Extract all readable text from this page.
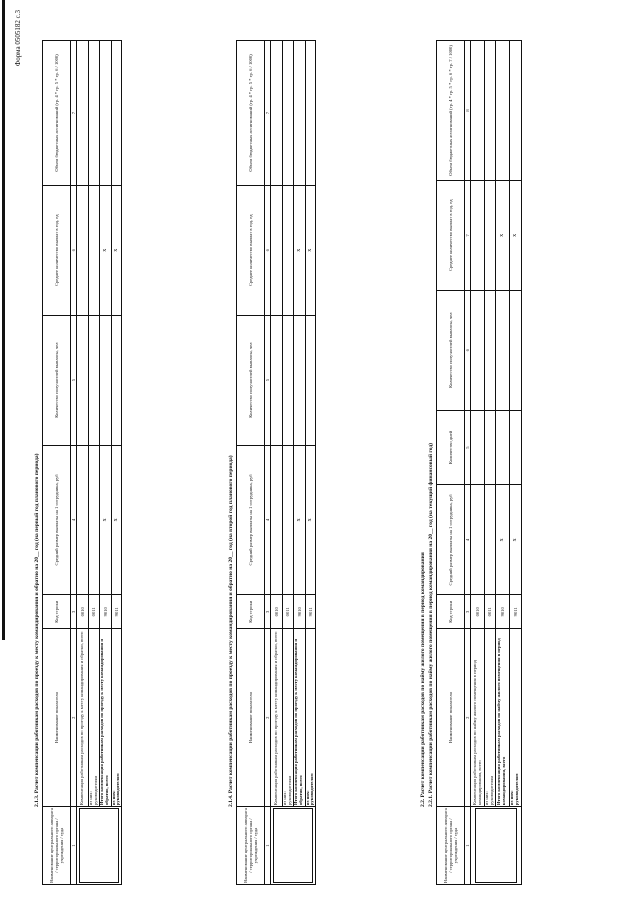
Форма 0505182 с.3
2.1.3. Расчет компенсации работникам расходов по проезду к месту командирования и обратно на 20__ год (на первый год планового периода)
Наименование центрального аппарата / территориального органа / учреждения / суда	Наименование показателя	Код строки	Средний размер выплаты на 1 сотрудника, руб	Количество получателей выплаты, чел	Среднее количество выплат в год, ед	Объем бюджетных ассигнований (гр. 4 * гр. 5 * гр. 6 / 1000)
1	2	3	4	5	6	7

	Компенсация работникам расходов по проезду к месту командирования и обратно, всего	0010				
	из них:
руководителям	0011				
	Итого компенсация работникам расходов по проезду к месту командирования и обратно, всего	9010	x		x	
	из них:
руководителям	9011	x		x	
2.1.4. Расчет компенсации работникам расходов по проезду к месту командирования и обратно на 20__ год (на второй год планового периода)
Наименование центрального аппарата / территориального органа / учреждения / суда	Наименование показателя	Код строки	Средний размер выплаты на 1 сотрудника, руб	Количество получателей выплаты, чел	Среднее количество выплат в год, ед	Объем бюджетных ассигнований (гр. 4 * гр. 5 * гр. 6 / 1000)
1	2	3	4	5	6	7

	Компенсация работникам расходов по проезду к месту командирования и обратно, всего	0010				
	из них:
руководителям	0011				
	Итого компенсация работникам расходов по проезду к месту командирования и обратно, всего	9010	x		x	
	из них:
руководителям	9011	x		x	
2.2. Расчет компенсации работникам расходов по найму жилого помещения в период командирования 2.2.1. Расчет компенсации работникам расходов по найму жилого помещения в период командирования на 20__ год (на текущий финансовый год)
Наименование центрального аппарата / территориального органа / учреждения / суда	Наименование показателя	Код строки	Средний размер выплаты на 1 сотрудника, руб	Количество дней	Количество получателей выплаты, чел	Среднее количество выплат в год, ед	Объем бюджетных ассигнований (гр. 4 * гр. 5 * гр. 6 * гр. 7 / 1000)
1	2	3	4	5	6	7	8

	Компенсация работникам расходов по найму жилого помещения в период командирования, всего	0010					
	из них:
руководителям	0011					
	Итого компенсация работникам расходов по найму жилого помещения в период командирования, всего	9010	x			x	
	из них:
руководителям	9011	x			x	
